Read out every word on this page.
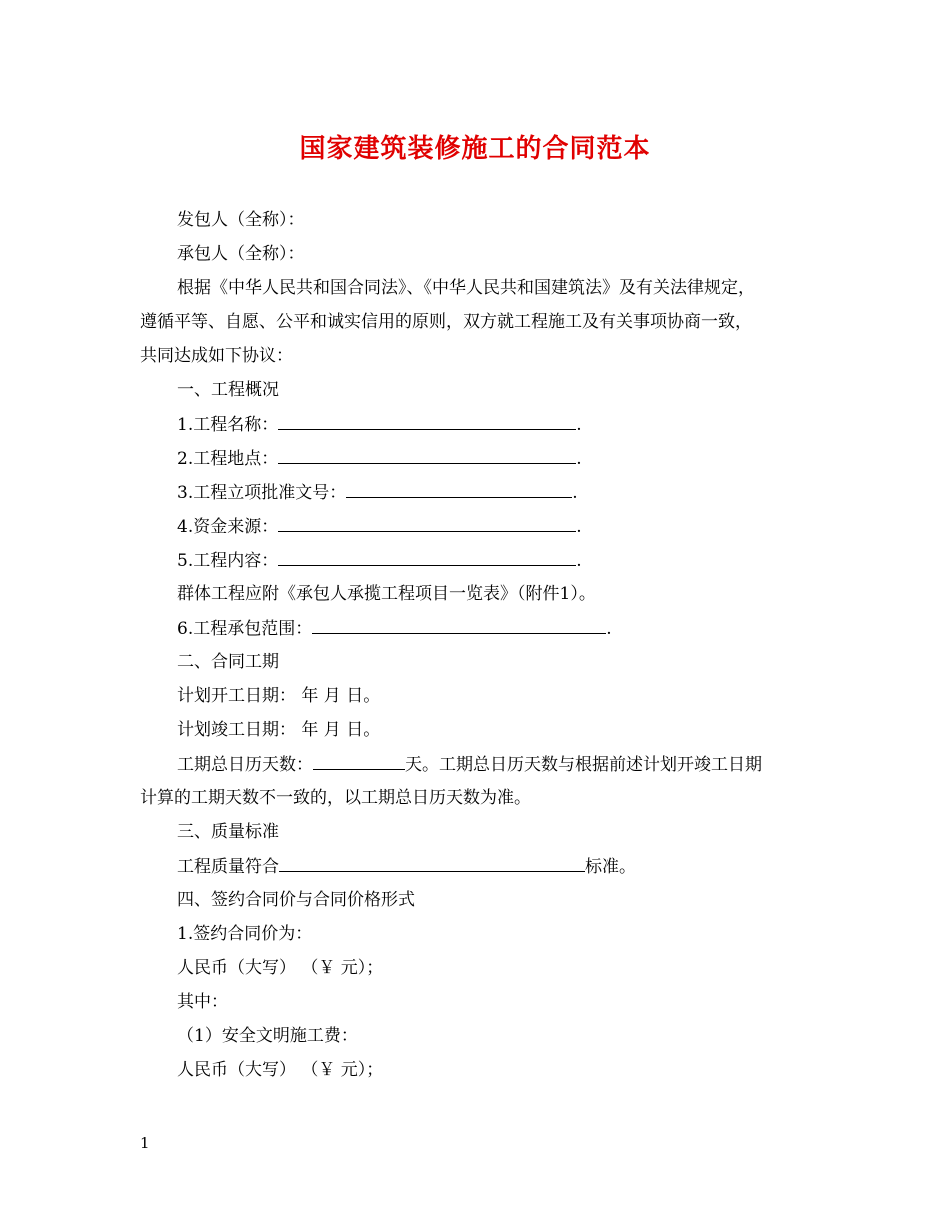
国家建筑装修施工的合同范本
发包人（全称）：
承包人（全称）：
根据《中华人民共和国合同法》、《中华人民共和国建筑法》及有关法律规定，
遵循平等、自愿、公平和诚实信用的原则，双方就工程施工及有关事项协商一致，
共同达成如下协议：
一、工程概况
1.工程名称：	.
2.工程地点：	.
3.工程立项批准文号：	.
4.资金来源：	.
5.工程内容：	.
群体工程应附《承包人承揽工程项目一览表》（附件1）。
6.工程承包范围：	.
二、合同工期
计划开工日期： 年 月 日。
计划竣工日期： 年 月 日。
工期总日历天数：	天。工期总日历天数与根据前述计划开竣工日期
计算的工期天数不一致的，以工期总日历天数为准。
三、质量标准
工程质量符合	标准。
四、签约合同价与合同价格形式
1.签约合同价为：
人民币（大写） （￥ 元）；
其中：
（1）安全文明施工费：
人民币（大写） （￥ 元）；
1
